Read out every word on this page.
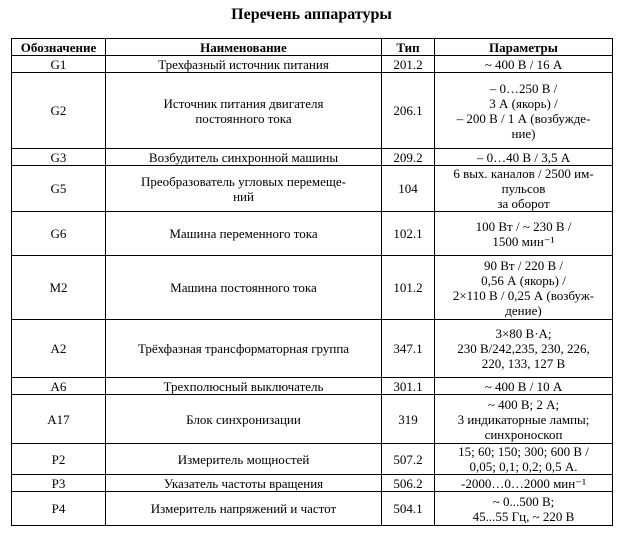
Перечень аппаратуры
Обозначение	Наименование	Тип	Параметры
G1	Трехфазный источник питания	201.2	~ 400 В / 16 А
G2	Источник питания двигателя
постоянного тока	206.1	– 0…250 В /
3 А (якорь) /
– 200 В / 1 А (возбужде-
ние)
G3	Возбудитель синхронной машины	209.2	– 0…40 В / 3,5 А
G5	Преобразователь угловых перемеще-
ний	104	6 вых. каналов / 2500 им-
пульсов
за оборот
G6	Машина переменного тока	102.1	100 Вт / ~ 230 В /
1500 мин⁻¹
M2	Машина постоянного тока	101.2	90 Вт / 220 В /
0,56 А (якорь) /
2×110 В / 0,25 А (возбуж-
дение)
A2	Трёхфазная трансформаторная группа	347.1	3×80 В·А;
230 В/242,235, 230, 226,
220, 133, 127 В
A6	Трехполюсный выключатель	301.1	~ 400 В / 10 А
A17	Блок синхронизации	319	~ 400 В; 2 А;
3 индикаторные лампы;
синхроноскоп
P2	Измеритель мощностей	507.2	15; 60; 150; 300; 600 В /
0,05; 0,1; 0,2; 0,5 А.
P3	Указатель частоты вращения	506.2	-2000…0…2000 мин⁻¹
P4	Измеритель напряжений и частот	504.1	~ 0...500 В;
45...55 Гц, ~ 220 В
